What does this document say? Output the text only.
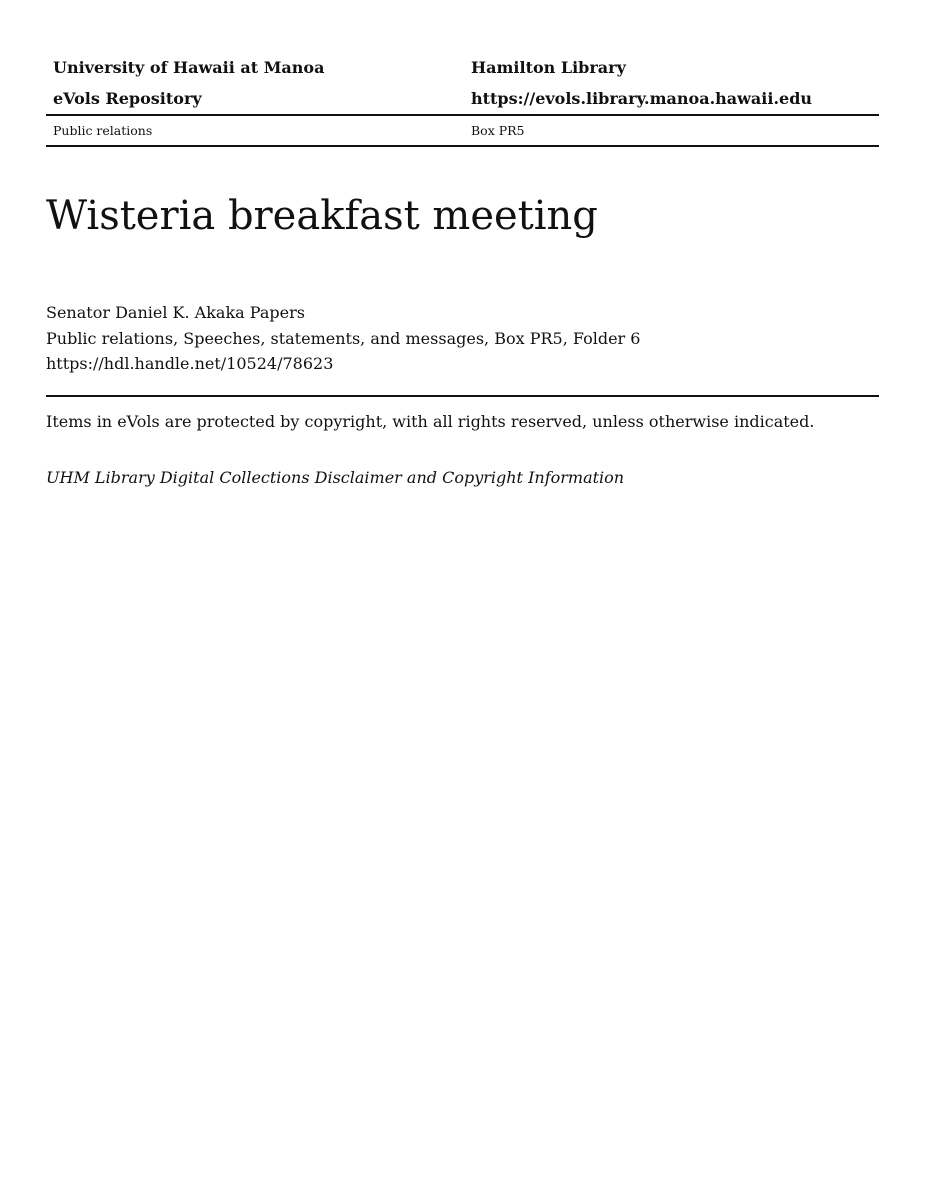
University of Hawaii at Manoa	Hamilton Library
eVols Repository	https://evols.library.manoa.hawaii.edu
Public relations	Box PR5
Wisteria breakfast meeting
Senator Daniel K. Akaka Papers
Public relations, Speeches, statements, and messages, Box PR5, Folder 6
https://hdl.handle.net/10524/78623
Items in eVols are protected by copyright, with all rights reserved, unless otherwise indicated.
UHM Library Digital Collections Disclaimer and Copyright Information
